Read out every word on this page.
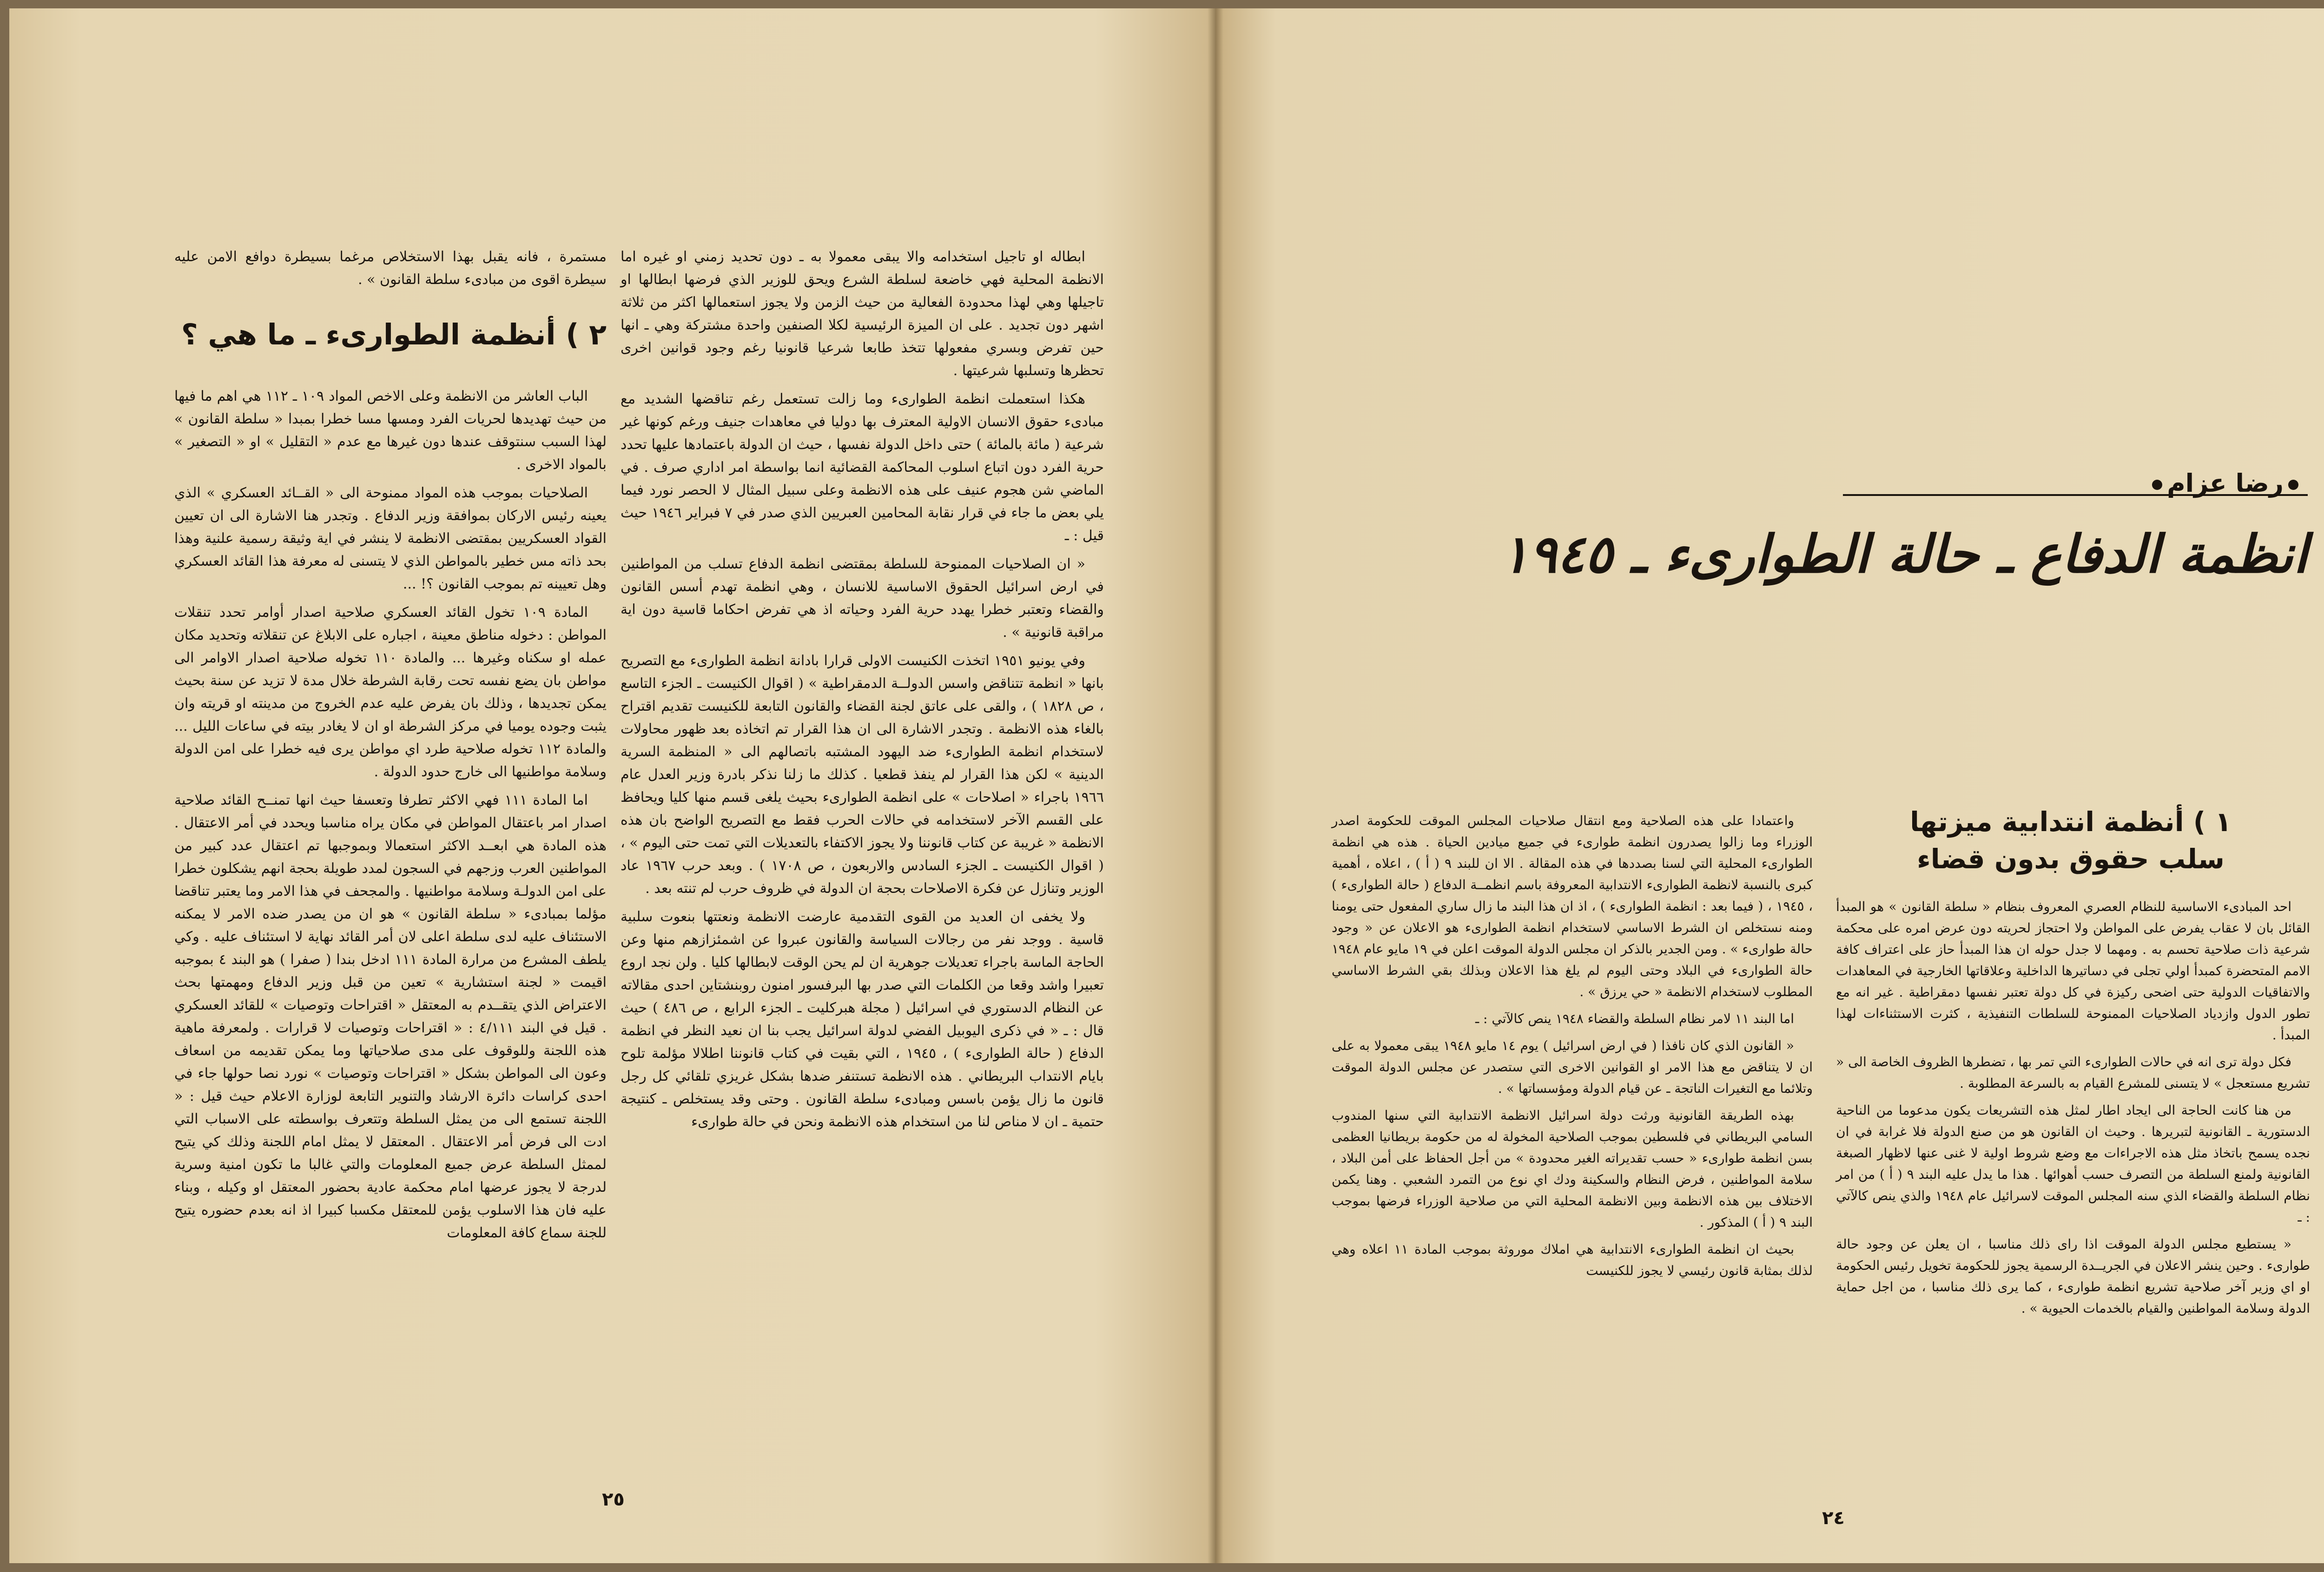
ابطاله او تاجيل استخدامه والا يبقى معمولا به ـ دون تحديد زمني او غيره اما الانظمة المحلية فهي خاضعة لسلطة الشرع ويحق للوزير الذي فرضها ابطالها او تاجيلها وهي لهذا محدودة الفعالية من حيث الزمن ولا يجوز استعمالها اكثر من ثلاثة اشهر دون تجديد . على ان الميزة الرئيسية لكلا الصنفين واحدة مشتركة وهي ـ انها حين تفرض وبسري مفعولها تتخذ طابعا شرعيا قانونيا رغم وجود قوانين اخرى تحظرها وتسلبها شرعيتها .

هكذا استعملت انظمة الطوارىء وما زالت تستعمل رغم تناقضها الشديد مع مبادىء حقوق الانسان الاولية المعترف بها دوليا في معاهدات جنيف ورغم كونها غير شرعية ( مائة بالمائة ) حتى داخل الدولة نفسها ، حيث ان الدولة باعتمادها عليها تحدد حرية الفرد دون اتباع اسلوب المحاكمة القضائية انما بواسطة امر اداري صرف . في الماضي شن هجوم عنيف على هذه الانظمة وعلى سبيل المثال لا الحصر نورد فيما يلي بعض ما جاء في قرار نقابة المحامين العبريين الذي صدر في ٧ فبراير ١٩٤٦ حيث قيل : ـ

« ان الصلاحيات الممنوحة للسلطة بمقتضى انظمة الدفاع تسلب من المواطنين في ارض اسرائيل الحقوق الاساسية للانسان ، وهي انظمة تهدم أسس القانون والقضاء وتعتبر خطرا يهدد حرية الفرد وحياته اذ هي تفرض احكاما قاسية دون اية مراقبة قانونية » .

وفي يونيو ١٩٥١ اتخذت الكنيست الاولى قرارا بادانة انظمة الطوارىء مع التصريح بانها « انظمة تتناقض واسس الدولــة الدمقراطية » ( اقوال الكنيست ـ الجزء التاسع ، ص ١٨٢٨ ) ، والقى على عاتق لجنة القضاء والقانون التابعة للكنيست تقديم اقتراح بالغاء هذه الانظمة . وتجدر الاشارة الى ان هذا القرار تم اتخاذه بعد ظهور محاولات لاستخدام انظمة الطوارىء ضد اليهود المشتبه باتصالهم الى « المنظمة السرية الدينية » لكن هذا القرار لم ينفذ قطعيا . كذلك ما زلنا نذكر بادرة وزير العدل عام ١٩٦٦ باجراء « اصلاحات » على انظمة الطوارىء بحيث يلغى قسم منها كليا ويحافظ على القسم الآخر لاستخدامه في حالات الحرب فقط مع التصريح الواضح بان هذه الانظمة « غريبة عن كتاب قانوننا ولا يجوز الاكتفاء بالتعديلات التي تمت حتى اليوم » ، ( اقوال الكنيست ـ الجزء السادس والاربعون ، ص ١٧٠٨ ) . وبعد حرب ١٩٦٧ عاد الوزير وتنازل عن فكرة الاصلاحات بحجة ان الدولة في ظروف حرب لم تنته بعد .

ولا يخفى ان العديد من القوى التقدمية عارضت الانظمة ونعتتها بنعوت سلبية قاسية . ووجد نفر من رجالات السياسة والقانون عبروا عن اشمئزازهم منها وعن الحاجة الماسة باجراء تعديلات جوهرية ان لم يحن الوقت لابطالها كليا . ولن نجد اروع تعبيرا واشد وقعا من الكلمات التي صدر بها البرفسور امنون روبنشتاين احدى مقالاته عن النظام الدستوري في اسرائيل ( مجلة هبركليت ـ الجزء الرابع ، ص ٤٨٦ ) حيث قال : ـ « في ذكرى اليوبيل الفضي لدولة اسرائيل يجب بنا ان نعيد النظر في انظمة الدفاع ( حالة الطوارىء ) ، ١٩٤٥ ، التي بقيت في كتاب قانوننا اطلالا مؤلمة تلوح بايام الانتداب البريطاني . هذه الانظمة تستنفر ضدها بشكل غريزي تلقائي كل رجل قانون ما زال يؤمن باسس ومبادىء سلطة القانون . وحتى وقد يستخلص ـ كنتيجة حتمية ـ ان لا مناص لنا من استخدام هذه الانظمة ونحن في حالة طوارىء

مستمرة ، فانه يقبل بهذا الاستخلاص مرغما بسيطرة دوافع الامن عليه سيطرة اقوى من مبادىء سلطة القانون » .

٢ ) أنظمة الطوارىء ـ ما هي ؟

الباب العاشر من الانظمة وعلى الاخص المواد ١٠٩ ـ ١١٢ هي اهم ما فيها من حيث تهديدها لحريات الفرد ومسها مسا خطرا بمبدا « سلطة القانون » لهذا السبب سنتوقف عندها دون غيرها مع عدم « التقليل » او « التصغير » بالمواد الاخرى .

الصلاحيات بموجب هذه المواد ممنوحة الى « القــائد العسكري » الذي يعينه رئيس الاركان بموافقة وزير الدفاع . وتجدر هنا الاشارة الى ان تعيين القواد العسكريين بمقتضى الانظمة لا ينشر في اية وثيقة رسمية علنية وهذا بحد ذاته مس خطير بالمواطن الذي لا يتسنى له معرفة هذا القائد العسكري وهل تعيينه تم بموجب القانون ؟! ...

المادة ١٠٩ تخول القائد العسكري صلاحية اصدار أوامر تحدد تنقلات المواطن : دخوله مناطق معينة ، اجباره على الابلاغ عن تنقلاته وتحديد مكان عمله او سكناه وغيرها ... والمادة ١١٠ تخوله صلاحية اصدار الاوامر الى مواطن بان يضع نفسه تحت رقابة الشرطة خلال مدة لا تزيد عن سنة بحيث يمكن تجديدها ، وذلك بان يفرض عليه عدم الخروج من مدينته او قريته وان يثبت وجوده يوميا في مركز الشرطة او ان لا يغادر بيته في ساعات الليل ... والمادة ١١٢ تخوله صلاحية طرد اي مواطن يرى فيه خطرا على امن الدولة وسلامة مواطنيها الى خارج حدود الدولة .

اما المادة ١١١ فهي الاكثر تطرفا وتعسفا حيث انها تمنــح القائد صلاحية اصدار امر باعتقال المواطن في مكان يراه مناسبا ويحدد في أمر الاعتقال . هذه المادة هي ابعــد الاكثر استعمالا وبموجبها تم اعتقال عدد كبير من المواطنين العرب وزجهم في السجون لمدد طويلة بحجة انهم يشكلون خطرا على امن الدولـة وسلامة مواطنيها . والمجحف في هذا الامر وما يعتبر تناقضا مؤلما بمبادىء « سلطة القانون » هو ان من يصدر ضده الامر لا يمكنه الاستئناف عليه لدى سلطة اعلى لان أمر القائد نهاية لا استئناف عليه . وكي يلطف المشرع من مرارة المادة ١١١ ادخل بندا ( صفرا ) هو البند ٤ بموجبه اقيمت « لجنة استشارية » تعين من قبل وزير الدفاع ومهمتها بحث الاعتراض الذي يتقــدم به المعتقل « اقتراحات وتوصيات » للقائد العسكري . قيل في البند ٤/١١١ : « اقتراحات وتوصيات لا قرارات . ولمعرفة ماهية هذه اللجنة وللوقوف على مدى صلاحياتها وما يمكن تقديمه من اسعاف وعون الى المواطن بشكل « اقتراحات وتوصيات » نورد نصا حولها جاء في احدى كراسات دائرة الارشاد والتنوير التابعة لوزارة الاعلام حيث قيل : « اللجنة تستمع الى من يمثل السلطة وتتعرف بواسطته على الاسباب التي ادت الى فرض أمر الاعتقال . المعتقل لا يمثل امام اللجنة وذلك كي يتيح لممثل السلطة عرض جميع المعلومات والتي غالبا ما تكون امنية وسرية لدرجة لا يجوز عرضها امام محكمة عادية بحضور المعتقل او وكيله ، وبناء عليه فان هذا الاسلوب يؤمن للمعتقل مكسبا كبيرا اذ انه بعدم حضوره يتيح للجنة سماع كافة المعلومات

٢٥
رضا عزام
انظمة الدفاع ـ حالة الطوارىء ـ ١٩٤٥
١ ) أنظمة انتدابية ميزتها
سلب حقوق بدون قضاء

احد المبادىء الاساسية للنظام العصري المعروف بنظام « سلطة القانون » هو المبدأ القائل بان لا عقاب يفرض على المواطن ولا احتجاز لحريته دون عرض امره على محكمة شرعية ذات صلاحية تحسم به . ومهما لا جدل حوله ان هذا المبدأ حاز على اعتراف كافة الامم المتحضرة كمبدأ اولي تجلى في دساتيرها الداخلية وعلاقاتها الخارجية في المعاهدات والاتفاقيات الدولية حتى اضحى ركيزة في كل دولة تعتبر نفسها دمقراطية . غير انه مع تطور الدول وازدياد الصلاحيات الممنوحة للسلطات التنفيذية ، كثرت الاستثناءات لهذا المبدأ .

فكل دولة ترى انه في حالات الطوارىء التي تمر بها ، تضطرها الظروف الخاصة الى « تشريع مستعجل » لا يتسنى للمشرع القيام به بالسرعة المطلوبة .

من هنا كانت الحاجة الى ايجاد اطار لمثل هذه التشريعات يكون مدعوما من الناحية الدستورية ـ القانونية لتبريرها . وحيث ان القانون هو من صنع الدولة فلا غرابة في ان نجده يسمح باتخاذ مثل هذه الاجراءات مع وضع شروط اولية لا غنى عنها لاظهار الصبغة القانونية ولمنع السلطة من التصرف حسب أهوائها . هذا ما يدل عليه البند ٩ ( أ ) من امر نظام السلطة والقضاء الذي سنه المجلس الموقت لاسرائيل عام ١٩٤٨ والذي ينص كالآتي : ـ

« يستطيع مجلس الدولة الموقت اذا راى ذلك مناسبا ، ان يعلن عن وجود حالة طوارىء . وحين ينشر الاعلان في الجريــدة الرسمية يجوز للحكومة تخويل رئيس الحكومة او اي وزير آخر صلاحية تشريع انظمة طوارىء ، كما يرى ذلك مناسبا ، من اجل حماية الدولة وسلامة المواطنين والقيام بالخدمات الحيوية » .

واعتمادا على هذه الصلاحية ومع انتقال صلاحيات المجلس الموقت للحكومة اصدر الوزراء وما زالوا يصدرون انظمة طوارىء في جميع ميادين الحياة . هذه هي انظمة الطوارىء المحلية التي لسنا بصددها في هذه المقالة . الا ان للبند ٩ ( أ ) ، اعلاه ، أهمية كبرى بالنسبة لانظمة الطوارىء الانتدابية المعروفة باسم انظمــة الدفاع ( حالة الطوارىء ) ، ١٩٤٥ ، ( فيما بعد : انظمة الطوارىء ) ، اذ ان هذا البند ما زال ساري المفعول حتى يومنا ومنه نستخلص ان الشرط الاساسي لاستخدام انظمة الطوارىء هو الاعلان عن « وجود حالة طوارىء » . ومن الجدير بالذكر ان مجلس الدولة الموقت اعلن في ١٩ مايو عام ١٩٤٨ حالة الطوارىء في البلاد وحتى اليوم لم يلغ هذا الاعلان وبذلك بقي الشرط الاساسي المطلوب لاستخدام الانظمة « حي يرزق » .

اما البند ١١ لامر نظام السلطة والقضاء ١٩٤٨ ينص كالآتي : ـ

« القانون الذي كان نافذا ( في ارض اسرائيل ) يوم ١٤ مايو ١٩٤٨ يبقى معمولا به على ان لا يتناقض مع هذا الامر او القوانين الاخرى التي ستصدر عن مجلس الدولة الموقت وتلائما مع التغيرات الناتجة ـ عن قيام الدولة ومؤسساتها » .

بهذه الطريقة القانونية ورثت دولة اسرائيل الانظمة الانتدابية التي سنها المندوب السامي البريطاني في فلسطين بموجب الصلاحية المخولة له من حكومة بريطانيا العظمى بسن انظمة طوارىء « حسب تقديراته الغير محدودة » من أجل الحفاظ على أمن البلاد ، سلامة المواطنين ، فرض النظام والسكينة ودك اي نوع من التمرد الشعبي . وهنا يكمن الاختلاف بين هذه الانظمة وبين الانظمة المحلية التي من صلاحية الوزراء فرضها بموجب البند ٩ ( أ ) المذكور .

بحيث ان انظمة الطوارىء الانتدابية هي املاك موروثة بموجب المادة ١١ اعلاه وهي لذلك بمثابة قانون رئيسي لا يجوز للكنيست

٢٤
